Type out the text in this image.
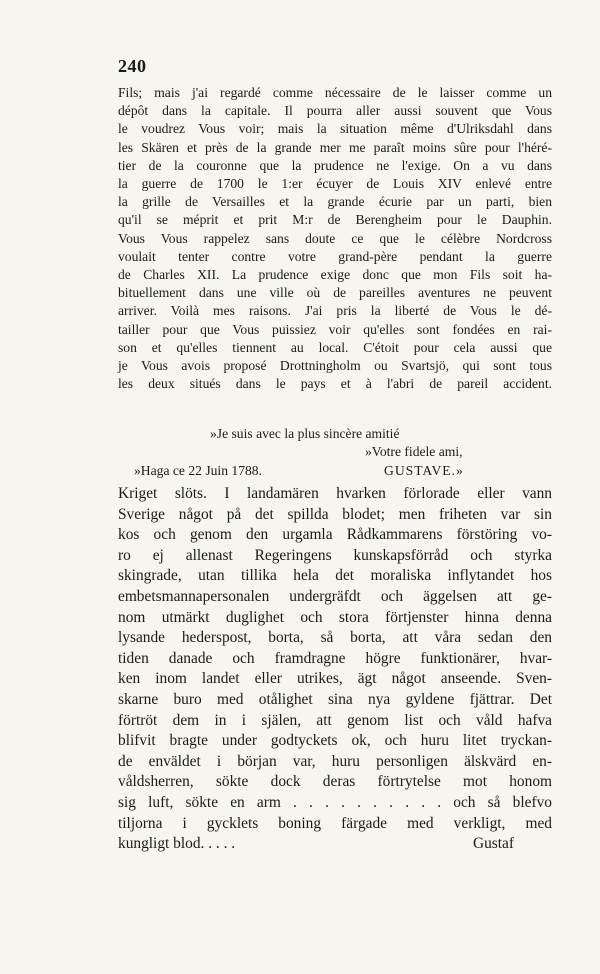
240
Fils; mais j'ai regardé comme nécessaire de le laisser comme un
dépôt dans la capitale. Il pourra aller aussi souvent que Vous
le voudrez Vous voir; mais la situation même d'Ulriksdahl dans
les Skären et près de la grande mer me paraît moins sûre pour l'héré-
tier de la couronne que la prudence ne l'exige. On a vu dans
la guerre de 1700 le 1:er écuyer de Louis XIV enlevé entre
la grille de Versailles et la grande écurie par un parti, bien
qu'il se méprit et prit M:r de Berengheim pour le Dauphin.
Vous Vous rappelez sans doute ce que le célèbre Nordcross
voulait tenter contre votre grand-père pendant la guerre
de Charles XII. La prudence exige donc que mon Fils soit ha-
bituellement dans une ville où de pareilles aventures ne peuvent
arriver. Voilà mes raisons. J'ai pris la liberté de Vous le dé-
tailler pour que Vous puissiez voir qu'elles sont fondées en rai-
son et qu'elles tiennent au local. C'étoit pour cela aussi que
je Vous avois proposé Drottningholm ou Svartsjö, qui sont tous
les deux situés dans le pays et à l'abri de pareil accident.
»Je suis avec la plus sincère amitié
»Votre fidele ami,
»Haga ce 22 Juin 1788.	GUSTAVE.»
Kriget slöts. I landamären hvarken förlorade eller vann
Sverige något på det spillda blodet; men friheten var sin
kos och genom den urgamla Rådkammarens förstöring vo-
ro ej allenast Regeringens kunskapsförråd och styrka
skingrade, utan tillika hela det moraliska inflytandet hos
embetsmannapersonalen undergräfdt och äggelsen att ge-
nom utmärkt duglighet och stora förtjenster hinna denna
lysande hederspost, borta, så borta, att våra sedan den
tiden danade och framdragne högre funktionärer, hvar-
ken inom landet eller utrikes, ägt något anseende. Sven-
skarne buro med otålighet sina nya gyldene fjättrar. Det
förtröt dem in i själen, att genom list och våld hafva
blifvit bragte under godtyckets ok, och huru litet tryckan-
de enväldet i början var, huru personligen älskvärd en-
våldsherren, sökte dock deras förtrytelse mot honom
sig luft, sökte en arm . . . . . . . . . . och så blefvo
tiljorna i gycklets boning färgade med verkligt, med
kungligt blod. . . . .	Gustaf
